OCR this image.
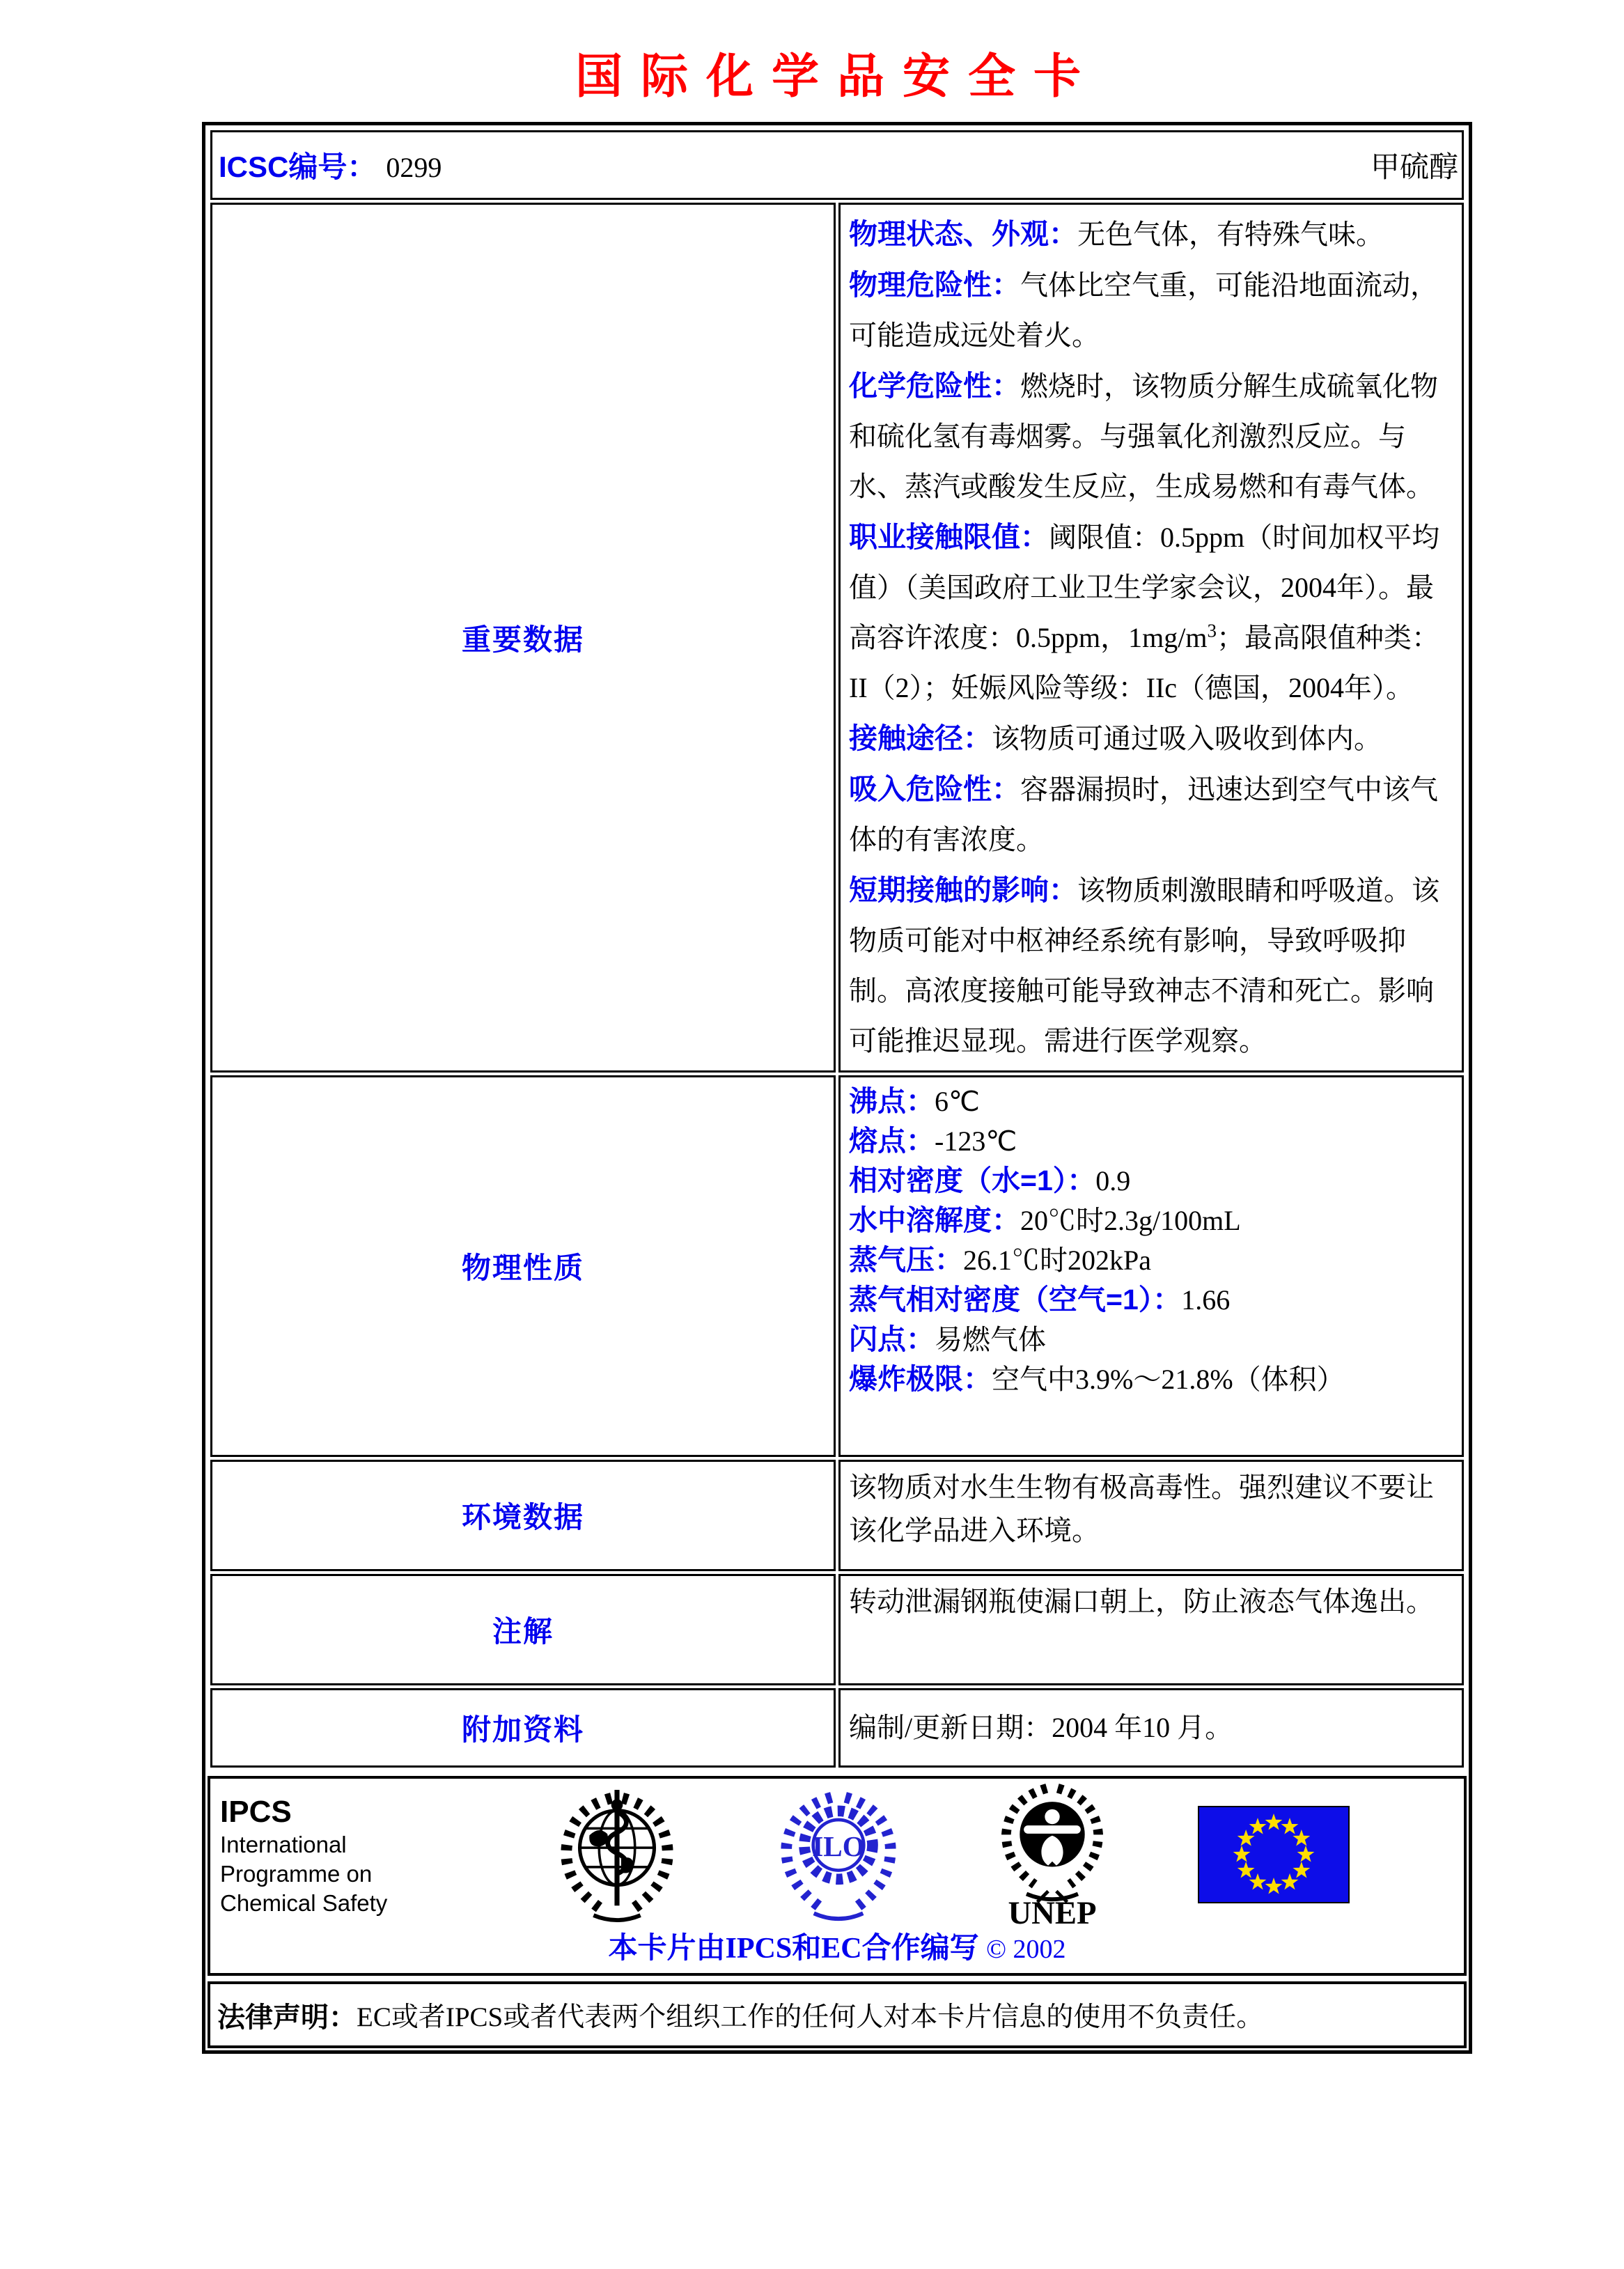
国际化学品安全卡
ICSC编号： 0299 甲硫醇	

重要数据	
物理状态、外观：无色气体，有特殊气味。
物理危险性：气体比空气重，可能沿地面流动，可能造成远处着火。
化学危险性：燃烧时，该物质分解生成硫氧化物和硫化氢有毒烟雾。与强氧化剂激烈反应。与水、蒸汽或酸发生反应，生成易燃和有毒气体。
职业接触限值：阈限值：0.5ppm（时间加权平均值）（美国政府工业卫生学家会议，2004年）。最高容许浓度：0.5ppm，$1mg/m^3$；最高限值种类：II（2）；妊娠风险等级：IIc（德国，2004年）。
接触途径：该物质可通过吸入吸收到体内。
吸入危险性：容器漏损时，迅速达到空气中该气体的有害浓度。
短期接触的影响：该物质刺激眼睛和呼吸道。该物质可能对中枢神经系统有影响，导致呼吸抑制。高浓度接触可能导致神志不清和死亡。影响可能推迟显现。需进行医学观察。

物理性质	
沸点：6℃
熔点：-123℃
相对密度（水=1）：0.9
水中溶解度：20℃时2.3g/100mL
蒸气压：26.1℃时202kPa
蒸气相对密度（空气=1）：1.66
闪点：易燃气体
爆炸极限：空气中3.9%～21.8%（体积）

环境数据	该物质对水生生物有极高毒性。强烈建议不要让该化学品进入环境。
注解	转动泄漏钢瓶使漏口朝上，防止液态气体逸出。
附加资料	编制/更新日期：2004 年10 月。
IPCS
International
Programme on
Chemical Safety
ILO
UNEP
本卡片由IPCS和EC合作编写 © 2002
法律声明： EC或者IPCS或者代表两个组织工作的任何人对本卡片信息的使用不负责任。
